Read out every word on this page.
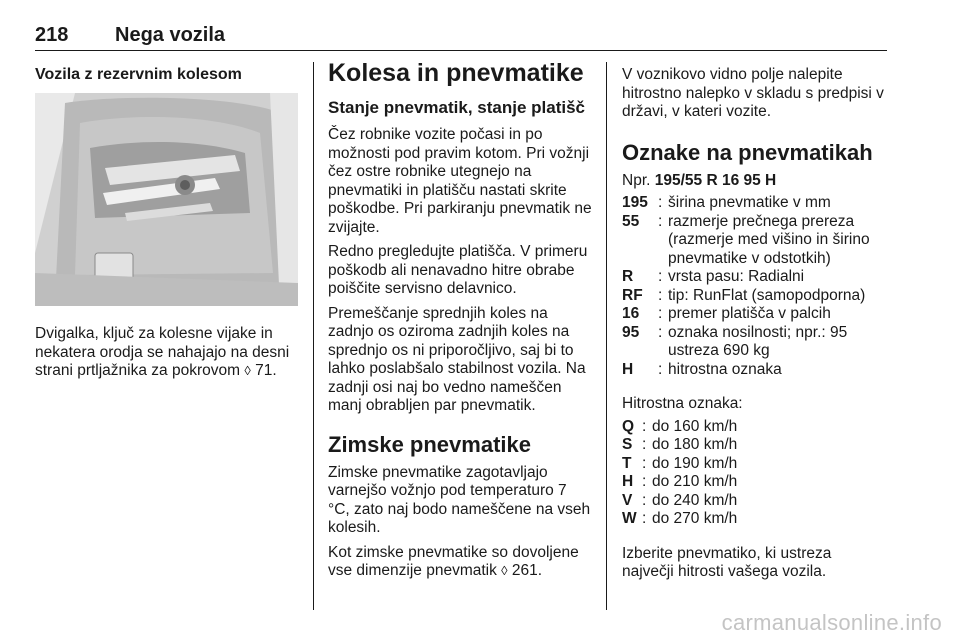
218 Nega vozila
Vozila z rezervnim kolesom

Dvigalka, ključ za kolesne vijake in nekatera orodja se nahajajo na desni strani prtljažnika za pokrovom ◊ 71.

Kolesa in pnevmatike
Stanje pnevmatik, stanje platišč

Čez robnike vozite počasi in po možnosti pod pravim kotom. Pri vožnji čez ostre robnike utegnejo na pnevmatiki in platišču nastati skrite poškodbe. Pri parkiranju pnevmatik ne zvijajte.

Redno pregledujte platišča. V primeru poškodb ali nenavadno hitre obrabe poiščite servisno delavnico.

Premeščanje sprednjih koles na zadnjo os oziroma zadnjih koles na sprednjo os ni priporočljivo, saj bi to lahko poslabšalo stabilnost vozila. Na zadnji osi naj bo vedno nameščen manj obrabljen par pnevmatik.

Zimske pnevmatike

Zimske pnevmatike zagotavljajo varnejšo vožnjo pod temperaturo 7 °C, zato naj bodo nameščene na vseh kolesih.

Kot zimske pnevmatike so dovoljene vse dimenzije pnevmatik ◊ 261.

V voznikovo vidno polje nalepite hitrostno nalepko v skladu s predpisi v državi, v kateri vozite.

Oznake na pnevmatikah

Npr. 195/55 R 16 95 H

195 : širina pnevmatike v mm
55	: razmerje prečnega prereza (razmerje med višino in širino pnevmatike v odstotkih)
R	: vrsta pasu: Radialni
RF : tip: RunFlat (samopodporna)
16	: premer platišča v palcih
95	: oznaka nosilnosti; npr.: 95 ustreza 690 kg
H	: hitrostna oznaka

Hitrostna oznaka:

Q : do 160 km/h
S : do 180 km/h
T : do 190 km/h
H : do 210 km/h
V : do 240 km/h
W : do 270 km/h

Izberite pnevmatiko, ki ustreza največji hitrosti vašega vozila.

carmanualsonline.info
